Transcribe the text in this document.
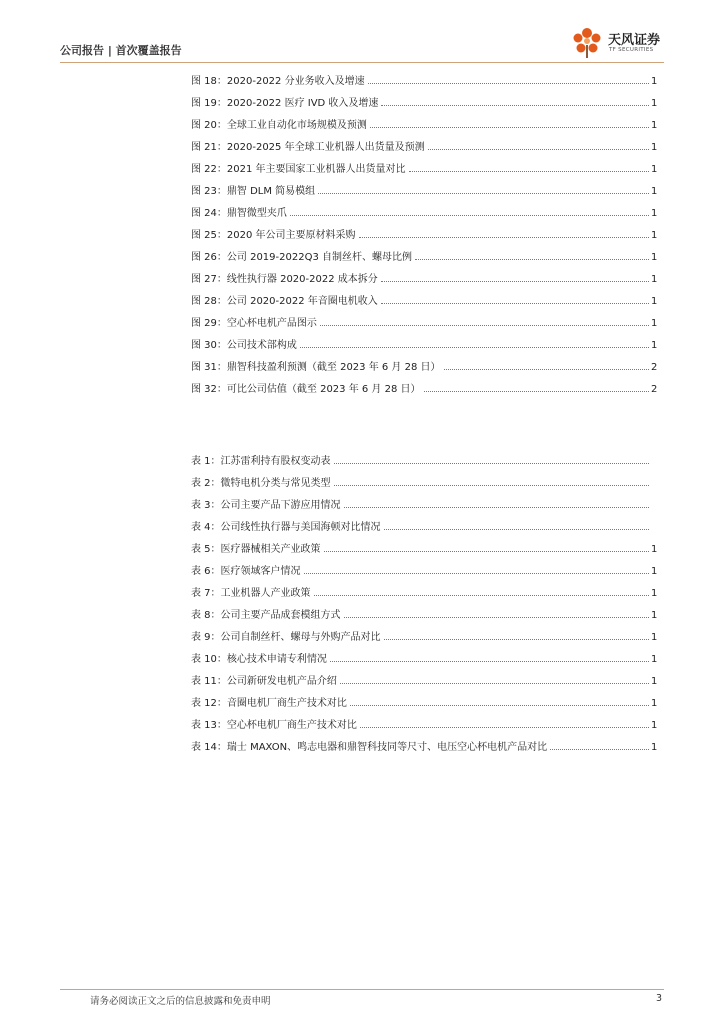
公司报告 | 首次覆盖报告
天风证券
TF SECURITIES
图 18：2020-2022 分业务收入及增速	1
图 19：2020-2022 医疗 IVD 收入及增速	1
图 20：全球工业自动化市场规模及预测	1
图 21：2020-2025 年全球工业机器人出货量及预测	1
图 22：2021 年主要国家工业机器人出货量对比	1
图 23：鼎智 DLM 简易模组	1
图 24：鼎智微型夹爪	1
图 25：2020 年公司主要原材料采购	1
图 26：公司 2019-2022Q3 自制丝杆、螺母比例	1
图 27：线性执行器 2020-2022 成本拆分	1
图 28：公司 2020-2022 年音圈电机收入	1
图 29：空心杯电机产品图示	1
图 30：公司技术部构成	1
图 31：鼎智科技盈利预测（截至 2023 年 6 月 28 日）	2
图 32：可比公司估值（截至 2023 年 6 月 28 日）	2
表 1：江苏雷利持有股权变动表
表 2：微特电机分类与常见类型
表 3：公司主要产品下游应用情况
表 4：公司线性执行器与美国海顿对比情况
表 5：医疗器械相关产业政策	1
表 6：医疗领域客户情况	1
表 7：工业机器人产业政策	1
表 8：公司主要产品成套模组方式	1
表 9：公司自制丝杆、螺母与外购产品对比	1
表 10：核心技术申请专利情况	1
表 11：公司新研发电机产品介绍	1
表 12：音圈电机厂商生产技术对比	1
表 13：空心杯电机厂商生产技术对比	1
表 14：瑞士 MAXON、鸣志电器和鼎智科技同等尺寸、电压空心杯电机产品对比	1
请务必阅读正文之后的信息披露和免责申明	3
